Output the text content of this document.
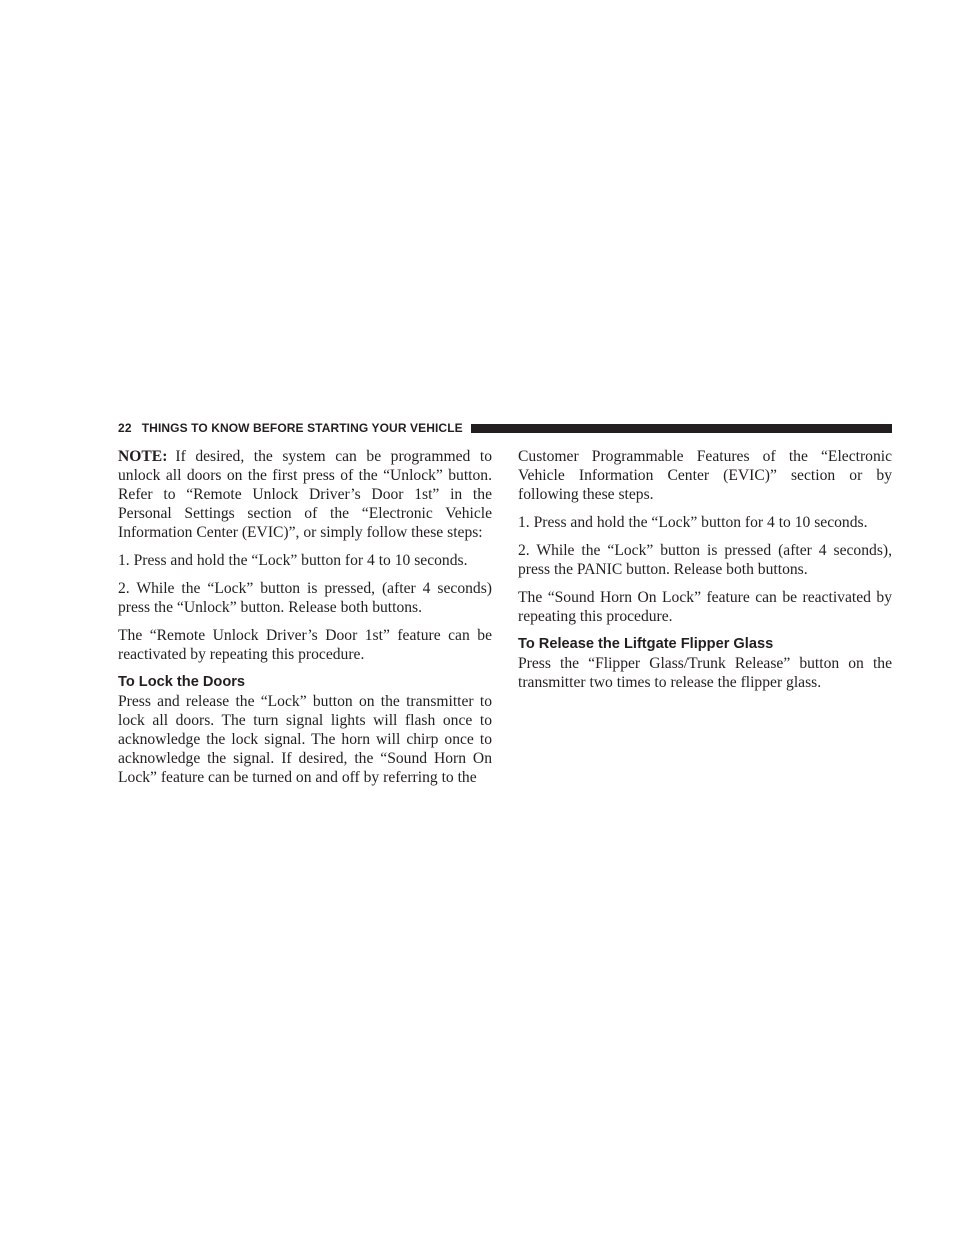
22 THINGS TO KNOW BEFORE STARTING YOUR VEHICLE

NOTE: If desired, the system can be programmed to unlock all doors on the first press of the “Unlock” button. Refer to “Remote Unlock Driver’s Door 1st” in the Personal Settings section of the “Electronic Vehicle Information Center (EVIC)”, or simply follow these steps:

1. Press and hold the “Lock” button for 4 to 10 seconds.

2. While the “Lock” button is pressed, (after 4 seconds) press the “Unlock” button. Release both buttons.

The “Remote Unlock Driver’s Door 1st” feature can be reactivated by repeating this procedure.

To Lock the Doors

Press and release the “Lock” button on the transmitter to lock all doors. The turn signal lights will flash once to acknowledge the lock signal. The horn will chirp once to acknowledge the signal. If desired, the “Sound Horn On Lock” feature can be turned on and off by referring to the

Customer Programmable Features of the “Electronic Vehicle Information Center (EVIC)” section or by following these steps.

1. Press and hold the “Lock” button for 4 to 10 seconds.

2. While the “Lock” button is pressed (after 4 seconds), press the PANIC button. Release both buttons.

The “Sound Horn On Lock” feature can be reactivated by repeating this procedure.

To Release the Liftgate Flipper Glass

Press the “Flipper Glass/Trunk Release” button on the transmitter two times to release the flipper glass.
